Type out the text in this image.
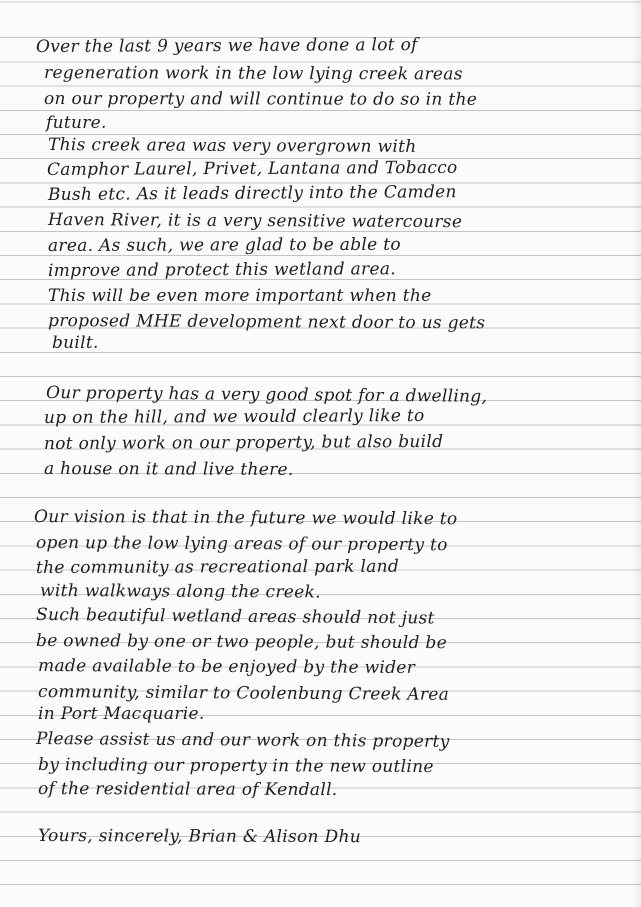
Over the last 9 years we have done a lot of
regeneration work in the low lying creek areas
on our property and will continue to do so in the
future.
This creek area was very overgrown with
Camphor Laurel, Privet, Lantana and Tobacco
Bush etc. As it leads directly into the Camden
Haven River, it is a very sensitive watercourse
area. As such, we are glad to be able to
improve and protect this wetland area.
This will be even more important when the
proposed MHE development next door to us gets
built.
Our property has a very good spot for a dwelling,
up on the hill, and we would clearly like to
not only work on our property, but also build
a house on it and live there.
Our vision is that in the future we would like to
open up the low lying areas of our property to
the community as recreational park land
with walkways along the creek.
Such beautiful wetland areas should not just
be owned by one or two people, but should be
made available to be enjoyed by the wider
community, similar to Coolenbung Creek Area
in Port Macquarie.
Please assist us and our work on this property
by including our property in the new outline
of the residential area of Kendall.
Yours, sincerely, Brian & Alison Dhu
